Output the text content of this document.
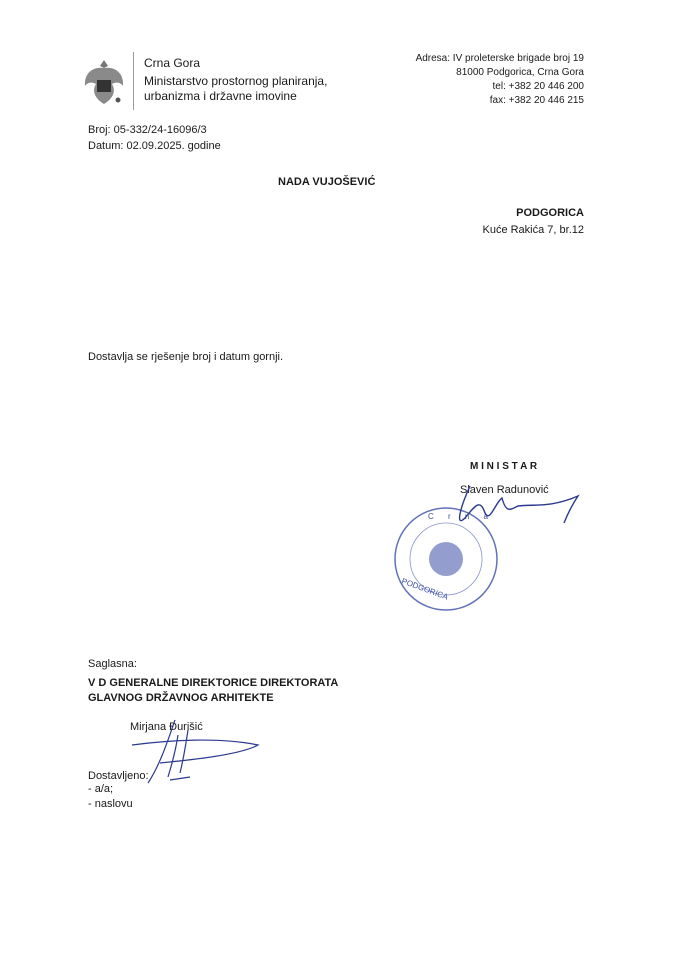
Crna Gora
Ministarstvo prostornog planiranja,
urbanizma i državne imovine
Adresa: IV proleterske brigade broj 19
81000 Podgorica, Crna Gora
tel: +382 20 446 200
fax: +382 20 446 215
Broj: 05-332/24-16096/3
Datum: 02.09.2025. godine
NADA VUJOŠEVIĆ
PODGORICA
Kuće Rakića 7, br.12
Dostavlja se rješenje broj i datum gornji.
M I N I S T A R
Slaven Radunović
PODGORICA
C r n a
Saglasna:
V D GENERALNE DIREKTORICE DIREKTORATA
GLAVNOG DRŽAVNOG ARHITEKTE
Mirjana Đurišić
Dostavljeno:
- a/a;
- naslovu
